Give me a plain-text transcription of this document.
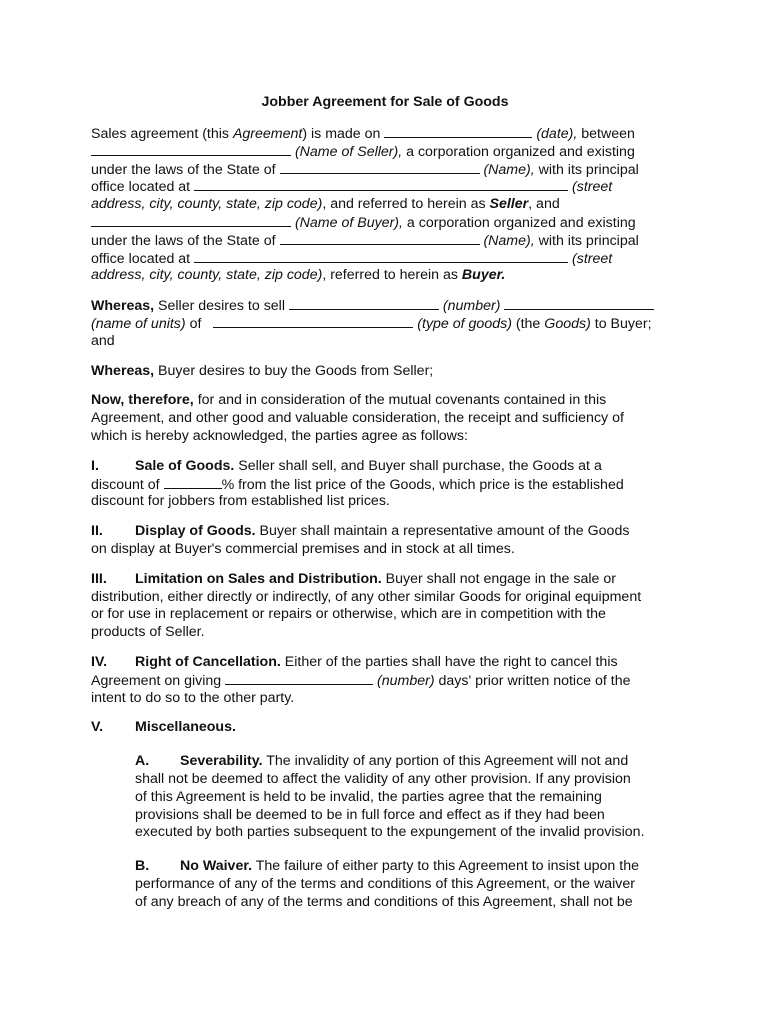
Jobber Agreement for Sale of Goods
Sales agreement (this Agreement) is made on	(date), between
(Name of Seller), a corporation organized and existing
under the laws of the State of	(Name), with its principal
office located at	(street
address, city, county, state, zip code), and referred to herein as Seller, and
(Name of Buyer), a corporation organized and existing
under the laws of the State of	(Name), with its principal
office located at	(street
address, city, county, state, zip code), referred to herein as Buyer.
Whereas, Seller desires to sell	(number)
(name of units) of	(type of goods) (the Goods) to Buyer;
and
Whereas, Buyer desires to buy the Goods from Seller;
Now, therefore, for and in consideration of the mutual covenants contained in this
Agreement, and other good and valuable consideration, the receipt and sufficiency of
which is hereby acknowledged, the parties agree as follows:
I.	Sale of Goods. Seller shall sell, and Buyer shall purchase, the Goods at a
discount of	% from the list price of the Goods, which price is the established
discount for jobbers from established list prices.
II. Display of Goods. Buyer shall maintain a representative amount of the Goods
on display at Buyer's commercial premises and in stock at all times.
III. Limitation on Sales and Distribution. Buyer shall not engage in the sale or
distribution, either directly or indirectly, of any other similar Goods for original equipment
or for use in replacement or repairs or otherwise, which are in competition with the
products of Seller.
IV. Right of Cancellation. Either of the parties shall have the right to cancel this
Agreement on giving	(number) days' prior written notice of the
intent to do so to the other party.
V. Miscellaneous.
A. Severability. The invalidity of any portion of this Agreement will not and
shall not be deemed to affect the validity of any other provision. If any provision
of this Agreement is held to be invalid, the parties agree that the remaining
provisions shall be deemed to be in full force and effect as if they had been
executed by both parties subsequent to the expungement of the invalid provision.
B. No Waiver. The failure of either party to this Agreement to insist upon the
performance of any of the terms and conditions of this Agreement, or the waiver
of any breach of any of the terms and conditions of this Agreement, shall not be
